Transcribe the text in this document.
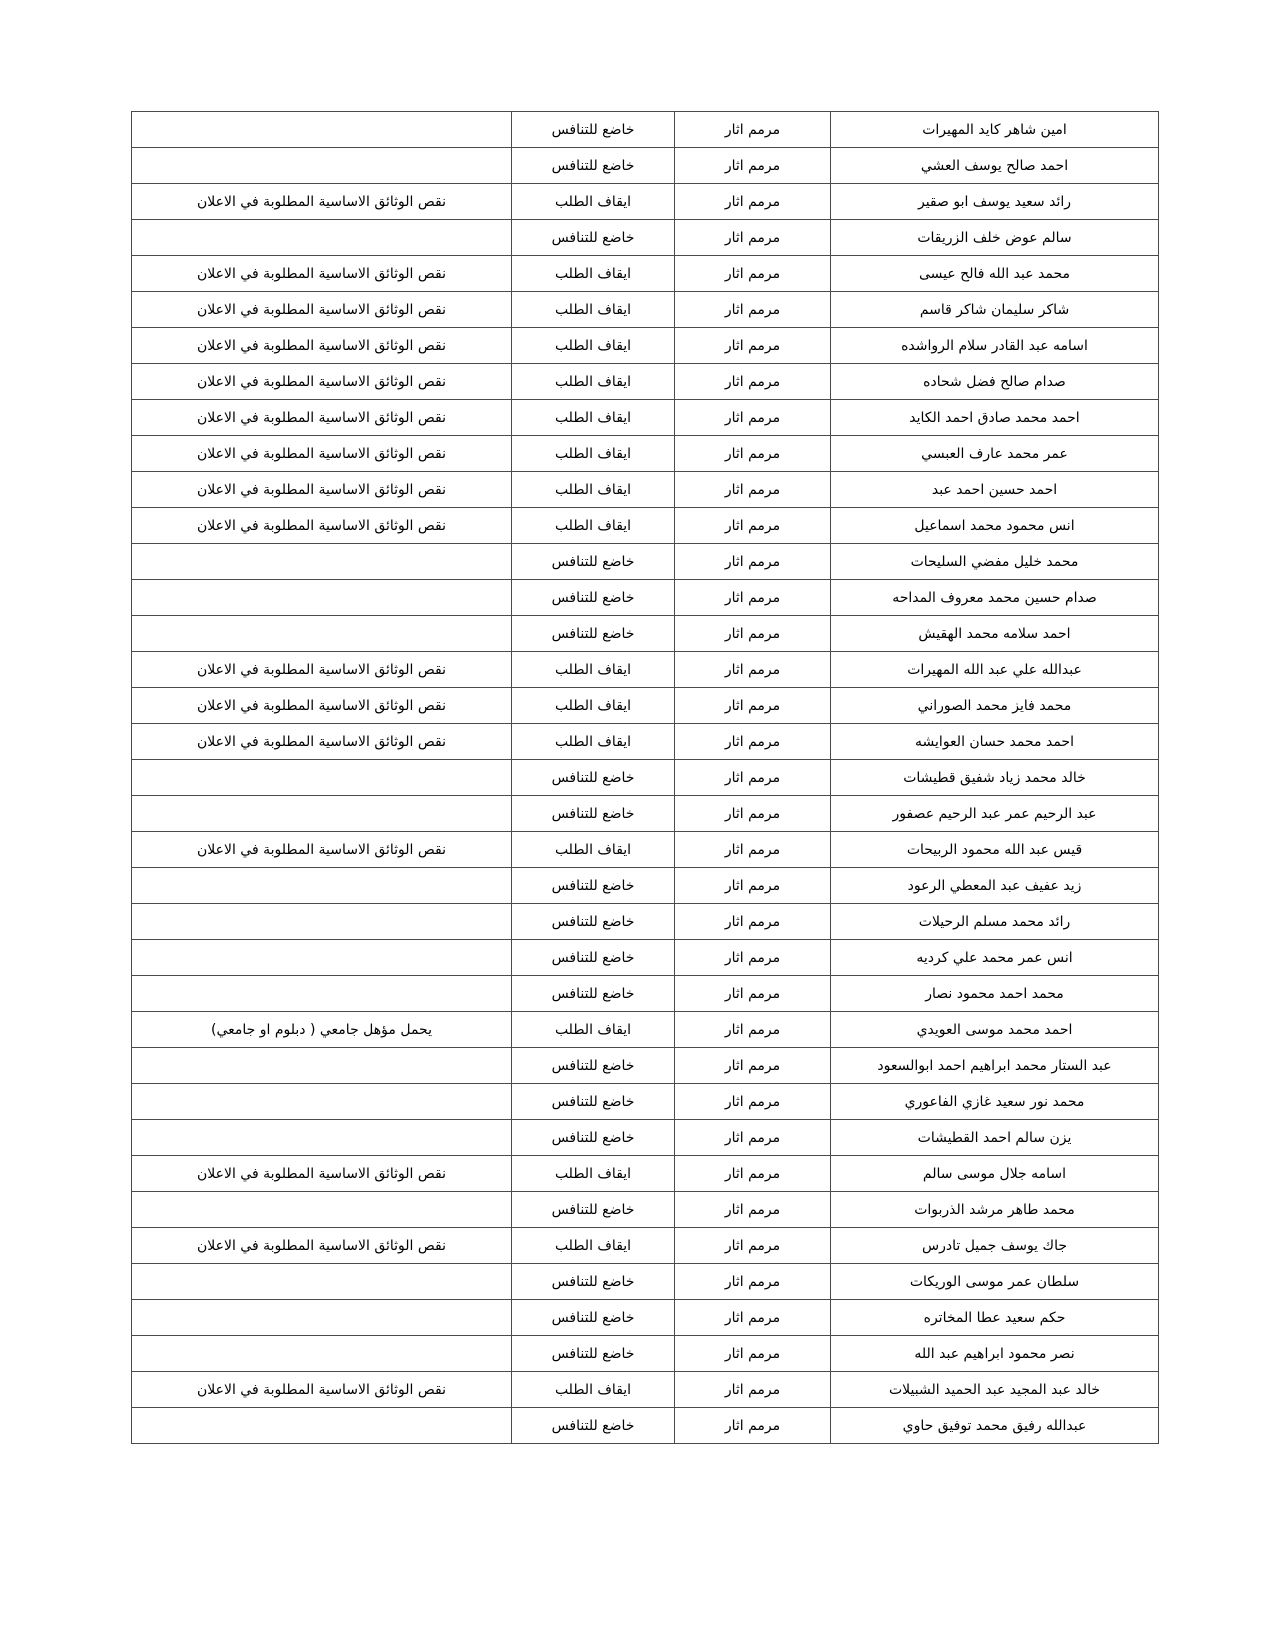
	خاضع للتنافس	مرمم اثار	امين شاهر كايد المهيرات
	خاضع للتنافس	مرمم اثار	احمد صالح يوسف العشي
نقص الوثائق الاساسية المطلوبة في الاعلان	ايقاف الطلب	مرمم اثار	رائد سعيد يوسف ابو صقير
	خاضع للتنافس	مرمم اثار	سالم عوض خلف الزريقات
نقص الوثائق الاساسية المطلوبة في الاعلان	ايقاف الطلب	مرمم اثار	محمد عبد الله فالح عيسى
نقص الوثائق الاساسية المطلوبة في الاعلان	ايقاف الطلب	مرمم اثار	شاكر سليمان شاكر قاسم
نقص الوثائق الاساسية المطلوبة في الاعلان	ايقاف الطلب	مرمم اثار	اسامه عبد القادر سلام الرواشده
نقص الوثائق الاساسية المطلوبة في الاعلان	ايقاف الطلب	مرمم اثار	صدام صالح فضل شحاده
نقص الوثائق الاساسية المطلوبة في الاعلان	ايقاف الطلب	مرمم اثار	احمد محمد صادق احمد الكايد
نقص الوثائق الاساسية المطلوبة في الاعلان	ايقاف الطلب	مرمم اثار	عمر محمد عارف العبسي
نقص الوثائق الاساسية المطلوبة في الاعلان	ايقاف الطلب	مرمم اثار	احمد حسين احمد عبد
نقص الوثائق الاساسية المطلوبة في الاعلان	ايقاف الطلب	مرمم اثار	انس محمود محمد اسماعيل
	خاضع للتنافس	مرمم اثار	محمد خليل مفضي السليحات
	خاضع للتنافس	مرمم اثار	صدام حسين محمد معروف المداحه
	خاضع للتنافس	مرمم اثار	احمد سلامه محمد الهقيش
نقص الوثائق الاساسية المطلوبة في الاعلان	ايقاف الطلب	مرمم اثار	عبدالله علي عبد الله المهيرات
نقص الوثائق الاساسية المطلوبة في الاعلان	ايقاف الطلب	مرمم اثار	محمد فايز محمد الصوراني
نقص الوثائق الاساسية المطلوبة في الاعلان	ايقاف الطلب	مرمم اثار	احمد محمد حسان العوايشه
	خاضع للتنافس	مرمم اثار	خالد محمد زياد شفيق قطيشات
	خاضع للتنافس	مرمم اثار	عبد الرحيم عمر عبد الرحيم عصفور
نقص الوثائق الاساسية المطلوبة في الاعلان	ايقاف الطلب	مرمم اثار	قيس عبد الله محمود الربيحات
	خاضع للتنافس	مرمم اثار	زيد عفيف عبد المعطي الرعود
	خاضع للتنافس	مرمم اثار	رائد محمد مسلم الرحيلات
	خاضع للتنافس	مرمم اثار	انس عمر محمد علي كرديه
	خاضع للتنافس	مرمم اثار	محمد احمد محمود نصار
يحمل مؤهل جامعي ( دبلوم او جامعي)	ايقاف الطلب	مرمم اثار	احمد محمد موسى العويدي
	خاضع للتنافس	مرمم اثار	عبد الستار محمد ابراهيم احمد ابوالسعود
	خاضع للتنافس	مرمم اثار	محمد نور سعيد غازي الفاعوري
	خاضع للتنافس	مرمم اثار	يزن سالم احمد القطيشات
نقص الوثائق الاساسية المطلوبة في الاعلان	ايقاف الطلب	مرمم اثار	اسامه جلال موسى سالم
	خاضع للتنافس	مرمم اثار	محمد طاهر مرشد الذربوات
نقص الوثائق الاساسية المطلوبة في الاعلان	ايقاف الطلب	مرمم اثار	جاك يوسف جميل تادرس
	خاضع للتنافس	مرمم اثار	سلطان عمر موسى الوريكات
	خاضع للتنافس	مرمم اثار	حكم سعيد عطا المخاتره
	خاضع للتنافس	مرمم اثار	نصر محمود ابراهيم عبد الله
نقص الوثائق الاساسية المطلوبة في الاعلان	ايقاف الطلب	مرمم اثار	خالد عبد المجيد عبد الحميد الشبيلات
	خاضع للتنافس	مرمم اثار	عبدالله رفيق محمد توفيق حاوي
